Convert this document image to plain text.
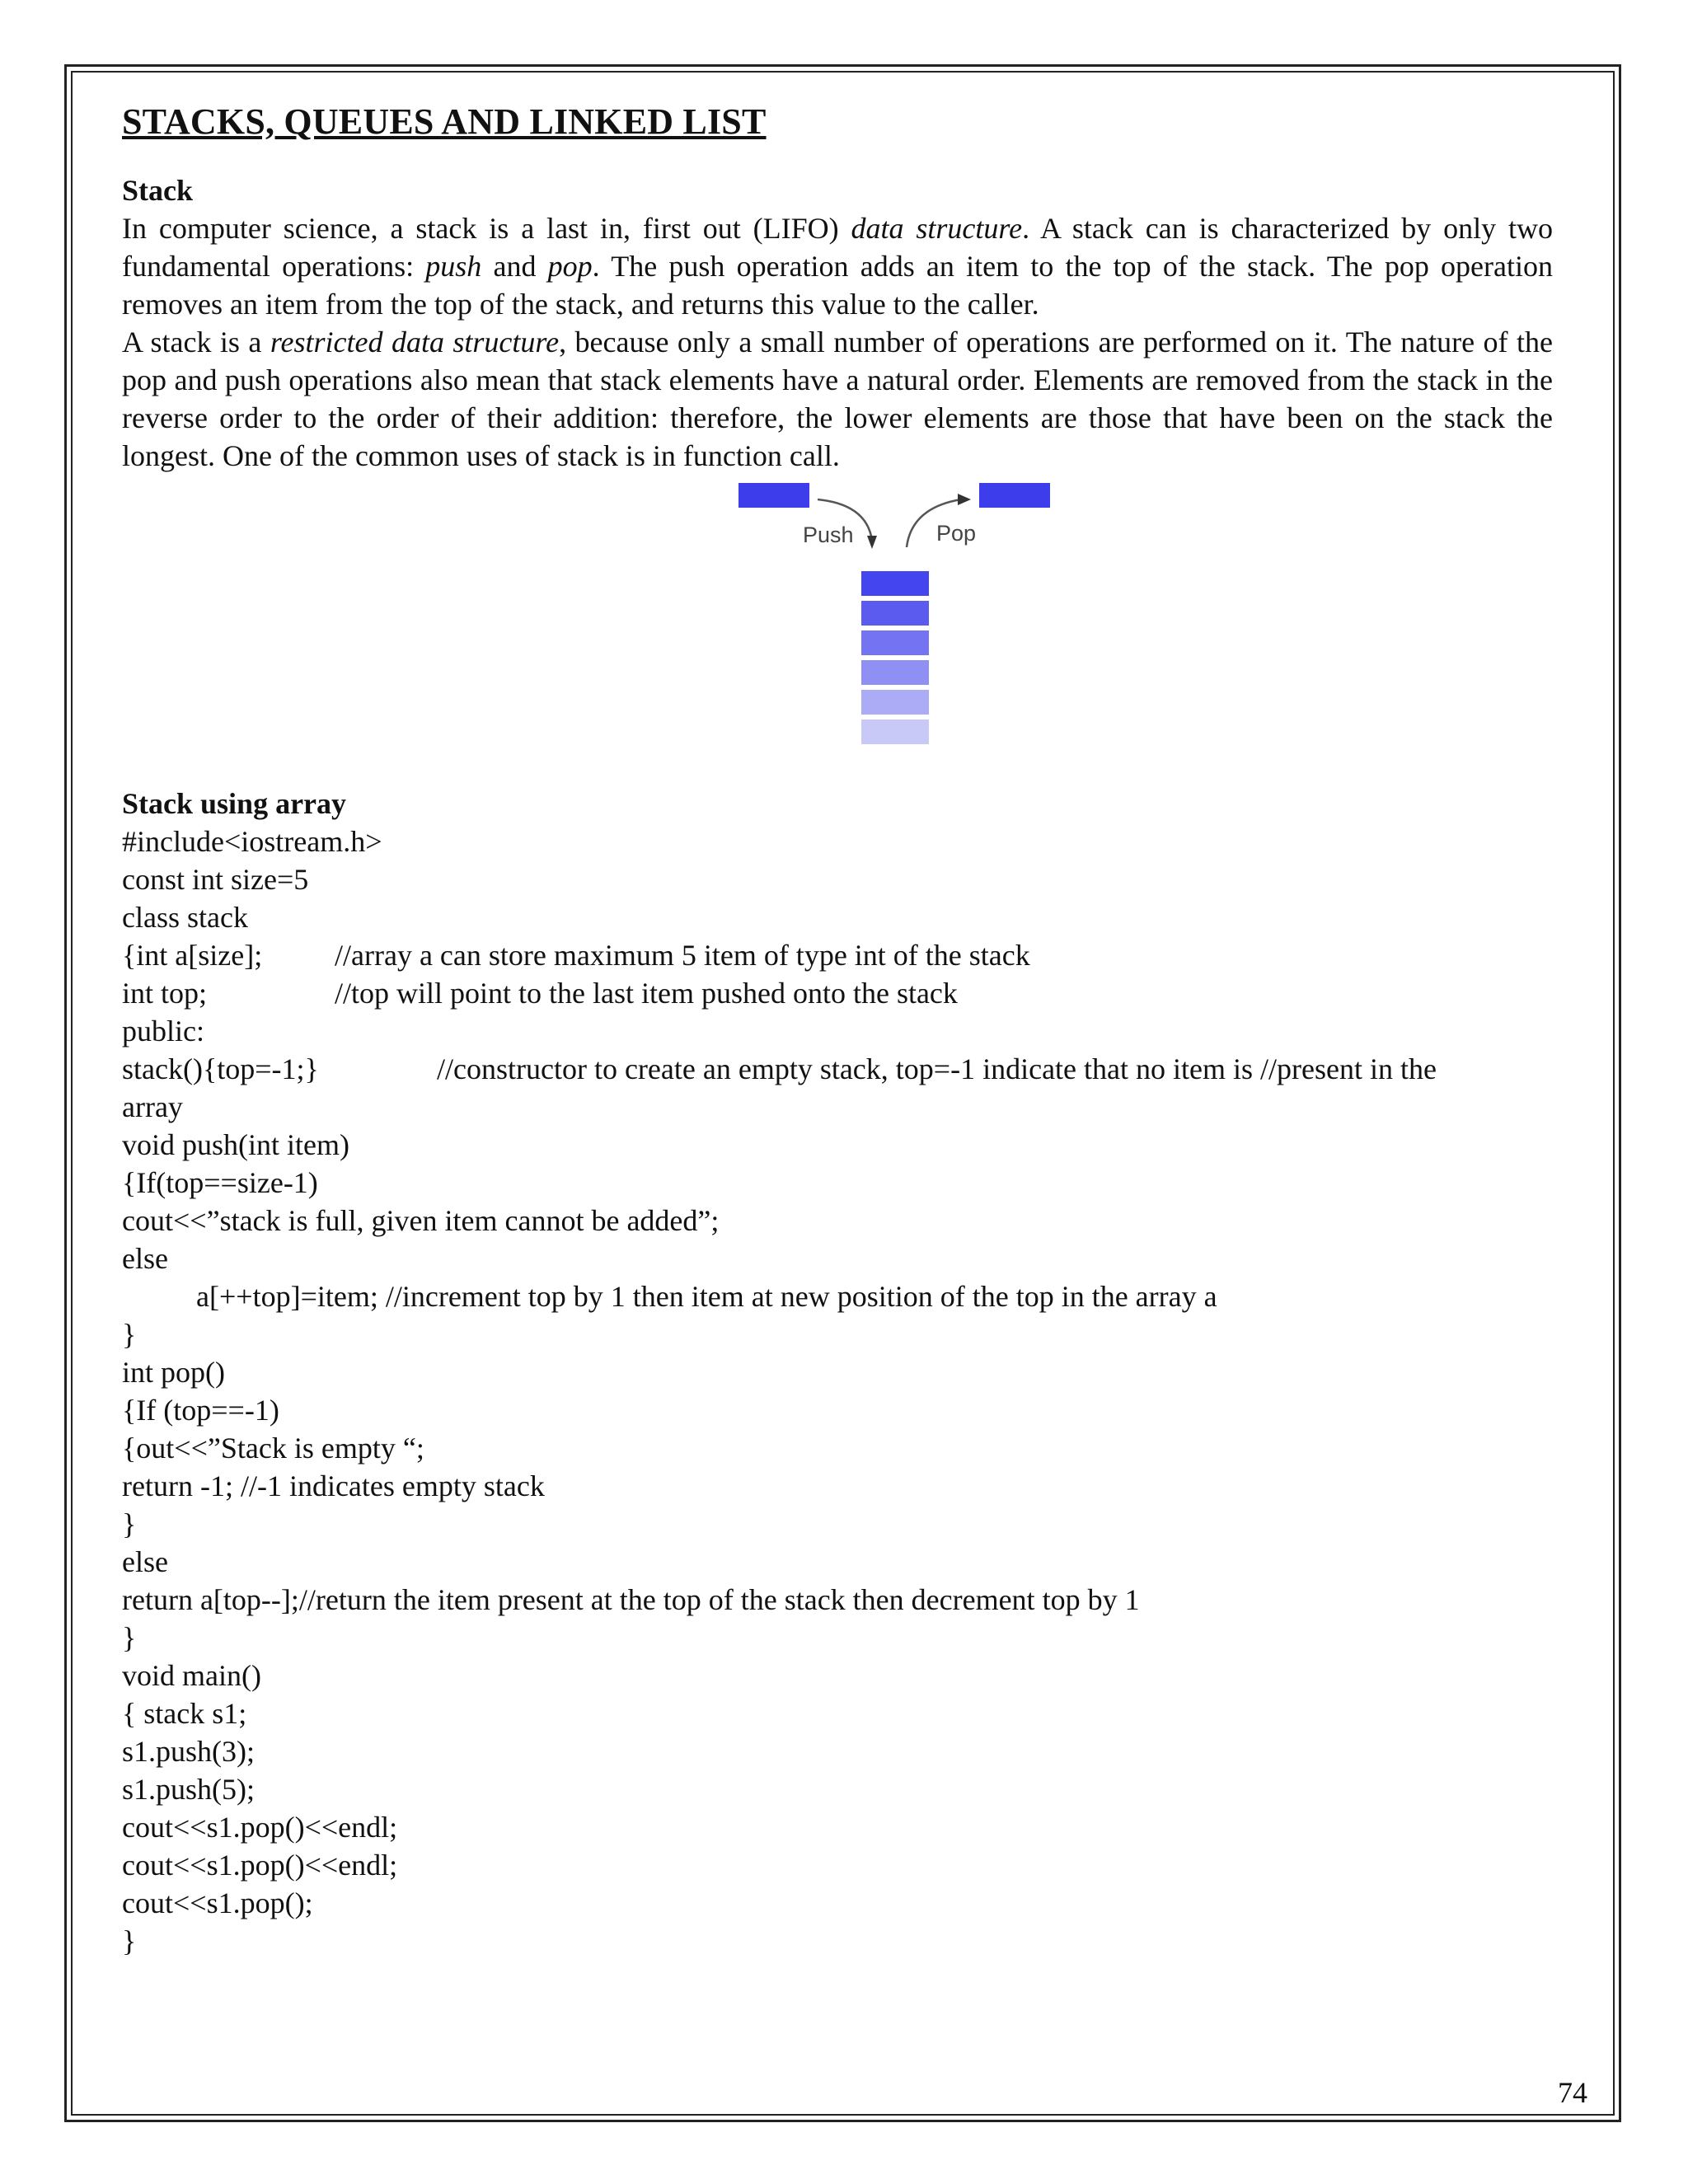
STACKS, QUEUES AND LINKED LIST
Stack

In computer science, a stack is a last in, first out (LIFO) data structure. A stack can is characterized by only two fundamental operations: push and pop. The push operation adds an item to the top of the stack. The pop operation removes an item from the top of the stack, and returns this value to the caller.

A stack is a restricted data structure, because only a small number of operations are performed on it. The nature of the pop and push operations also mean that stack elements have a natural order. Elements are removed from the stack in the reverse order to the order of their addition: therefore, the lower elements are those that have been on the stack the longest. One of the common uses of stack is in function call.

Stack using array
#include<iostream.h>
const int size=5
class stack
{int a[size];	//array a can store maximum 5 item of type int of the stack
int top;	//top will point to the last item pushed onto the stack
public:
stack(){top=-1;}	//constructor to create an empty stack, top=-1 indicate that no item is //present in the
array
void push(int item)
{If(top==size-1)
cout<<”stack is full, given item cannot be added”;
else
a[++top]=item; //increment top by 1 then item at new position of the top in the array a
}
int pop()
{If (top==-1)
{out<<”Stack is empty “;
return -1; //-1 indicates empty stack
}
else
return a[top--];//return the item present at the top of the stack then decrement top by 1
}
void main()
{ stack s1;
s1.push(3);
s1.push(5);
cout<<s1.pop()<<endl;
cout<<s1.pop()<<endl;
cout<<s1.pop();
}
Push	Pop
74
